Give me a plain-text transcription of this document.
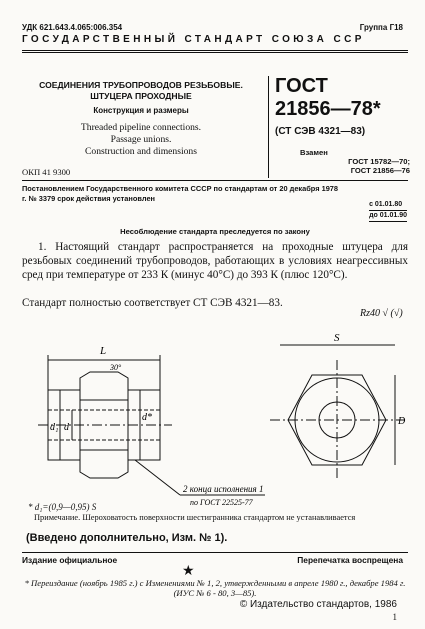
УДК 621.643.4.065:006.354	Группа Г18
ГОСУДАРСТВЕННЫЙ СТАНДАРТ СОЮЗА ССР
СОЕДИНЕНИЯ ТРУБОПРОВОДОВ РЕЗЬБОВЫЕ.
ШТУЦЕРА ПРОХОДНЫЕ
Конструкция и размеры
Threaded pipeline connections.
Passage unions.
Construction and dimensions
ОКП 41 9300
ГОСТ
21856—78*
(СТ СЭВ 4321—83)
Взамен
ГОСТ 15782—70;
ГОСТ 21856—76
Постановлением Государственного комитета СССР по стандартам от 20 декабря 1978 г. № 3379 срок действия установлен
с 01.01.80
до 01.01.90
Несоблюдение стандарта преследуется по закону
1. Настоящий стандарт распространяется на проходные штуцера для резьбовых соединений трубопроводов, работающих в условиях неагрессивных сред при температуре от 233 К (минус 40°С) до 393 К (плюс 120°С).
Стандарт полностью соответствует СТ СЭВ 4321—83.
Rz40 √ (√)
L
30°
d₁ d
d*
S
D
2 конца исполнения 1
по ГОСТ 22525-77
* d₁=(0,9—0,95) S
Примечание. Шероховатость поверхности шестигранника стандартом не устанавливается
(Введено дополнительно, Изм. № 1).
Издание официальное	Перепечатка воспрещена
★
* Переиздание (ноябрь 1985 г.) с Изменениями № 1, 2, утвержденными в апреле 1980 г., декабре 1984 г. (ИУС № 6 - 80, 3—85).
© Издательство стандартов, 1986
1
